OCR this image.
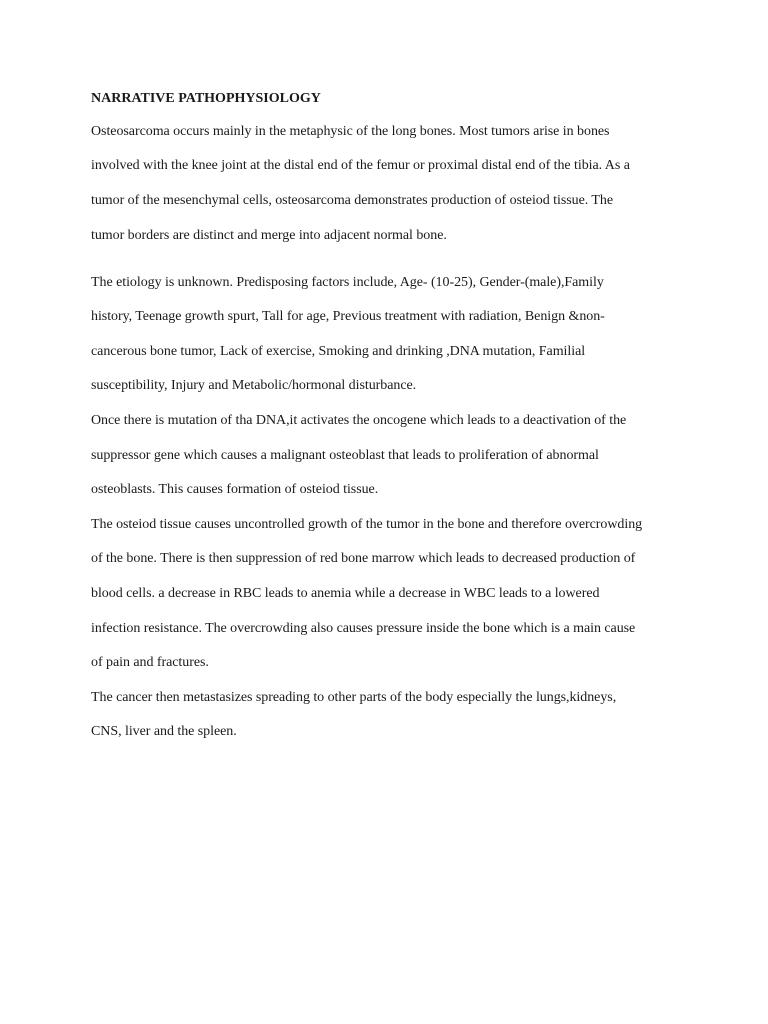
NARRATIVE PATHOPHYSIOLOGY
Osteosarcoma occurs mainly in the metaphysic of the long bones. Most tumors arise in bones
involved with the knee joint at the distal end of the femur or proximal distal end of the tibia. As a
tumor of the mesenchymal cells, osteosarcoma demonstrates production of osteiod tissue. The
tumor borders are distinct and merge into adjacent normal bone.
The etiology is unknown. Predisposing factors include, Age- (10-25), Gender-(male),Family
history, Teenage growth spurt, Tall for age, Previous treatment with radiation, Benign &non-
cancerous bone tumor, Lack of exercise, Smoking and drinking ,DNA mutation, Familial
susceptibility, Injury and Metabolic/hormonal disturbance.
Once there is mutation of tha DNA,it activates the oncogene which leads to a deactivation of the
suppressor gene which causes a malignant osteoblast that leads to proliferation of abnormal
osteoblasts. This causes formation of osteiod tissue.
The osteiod tissue causes uncontrolled growth of the tumor in the bone and therefore overcrowding
of the bone. There is then suppression of red bone marrow which leads to decreased production of
blood cells. a decrease in RBC leads to anemia while a decrease in WBC leads to a lowered
infection resistance. The overcrowding also causes pressure inside the bone which is a main cause
of pain and fractures.
The cancer then metastasizes spreading to other parts of the body especially the lungs,kidneys,
CNS, liver and the spleen.
